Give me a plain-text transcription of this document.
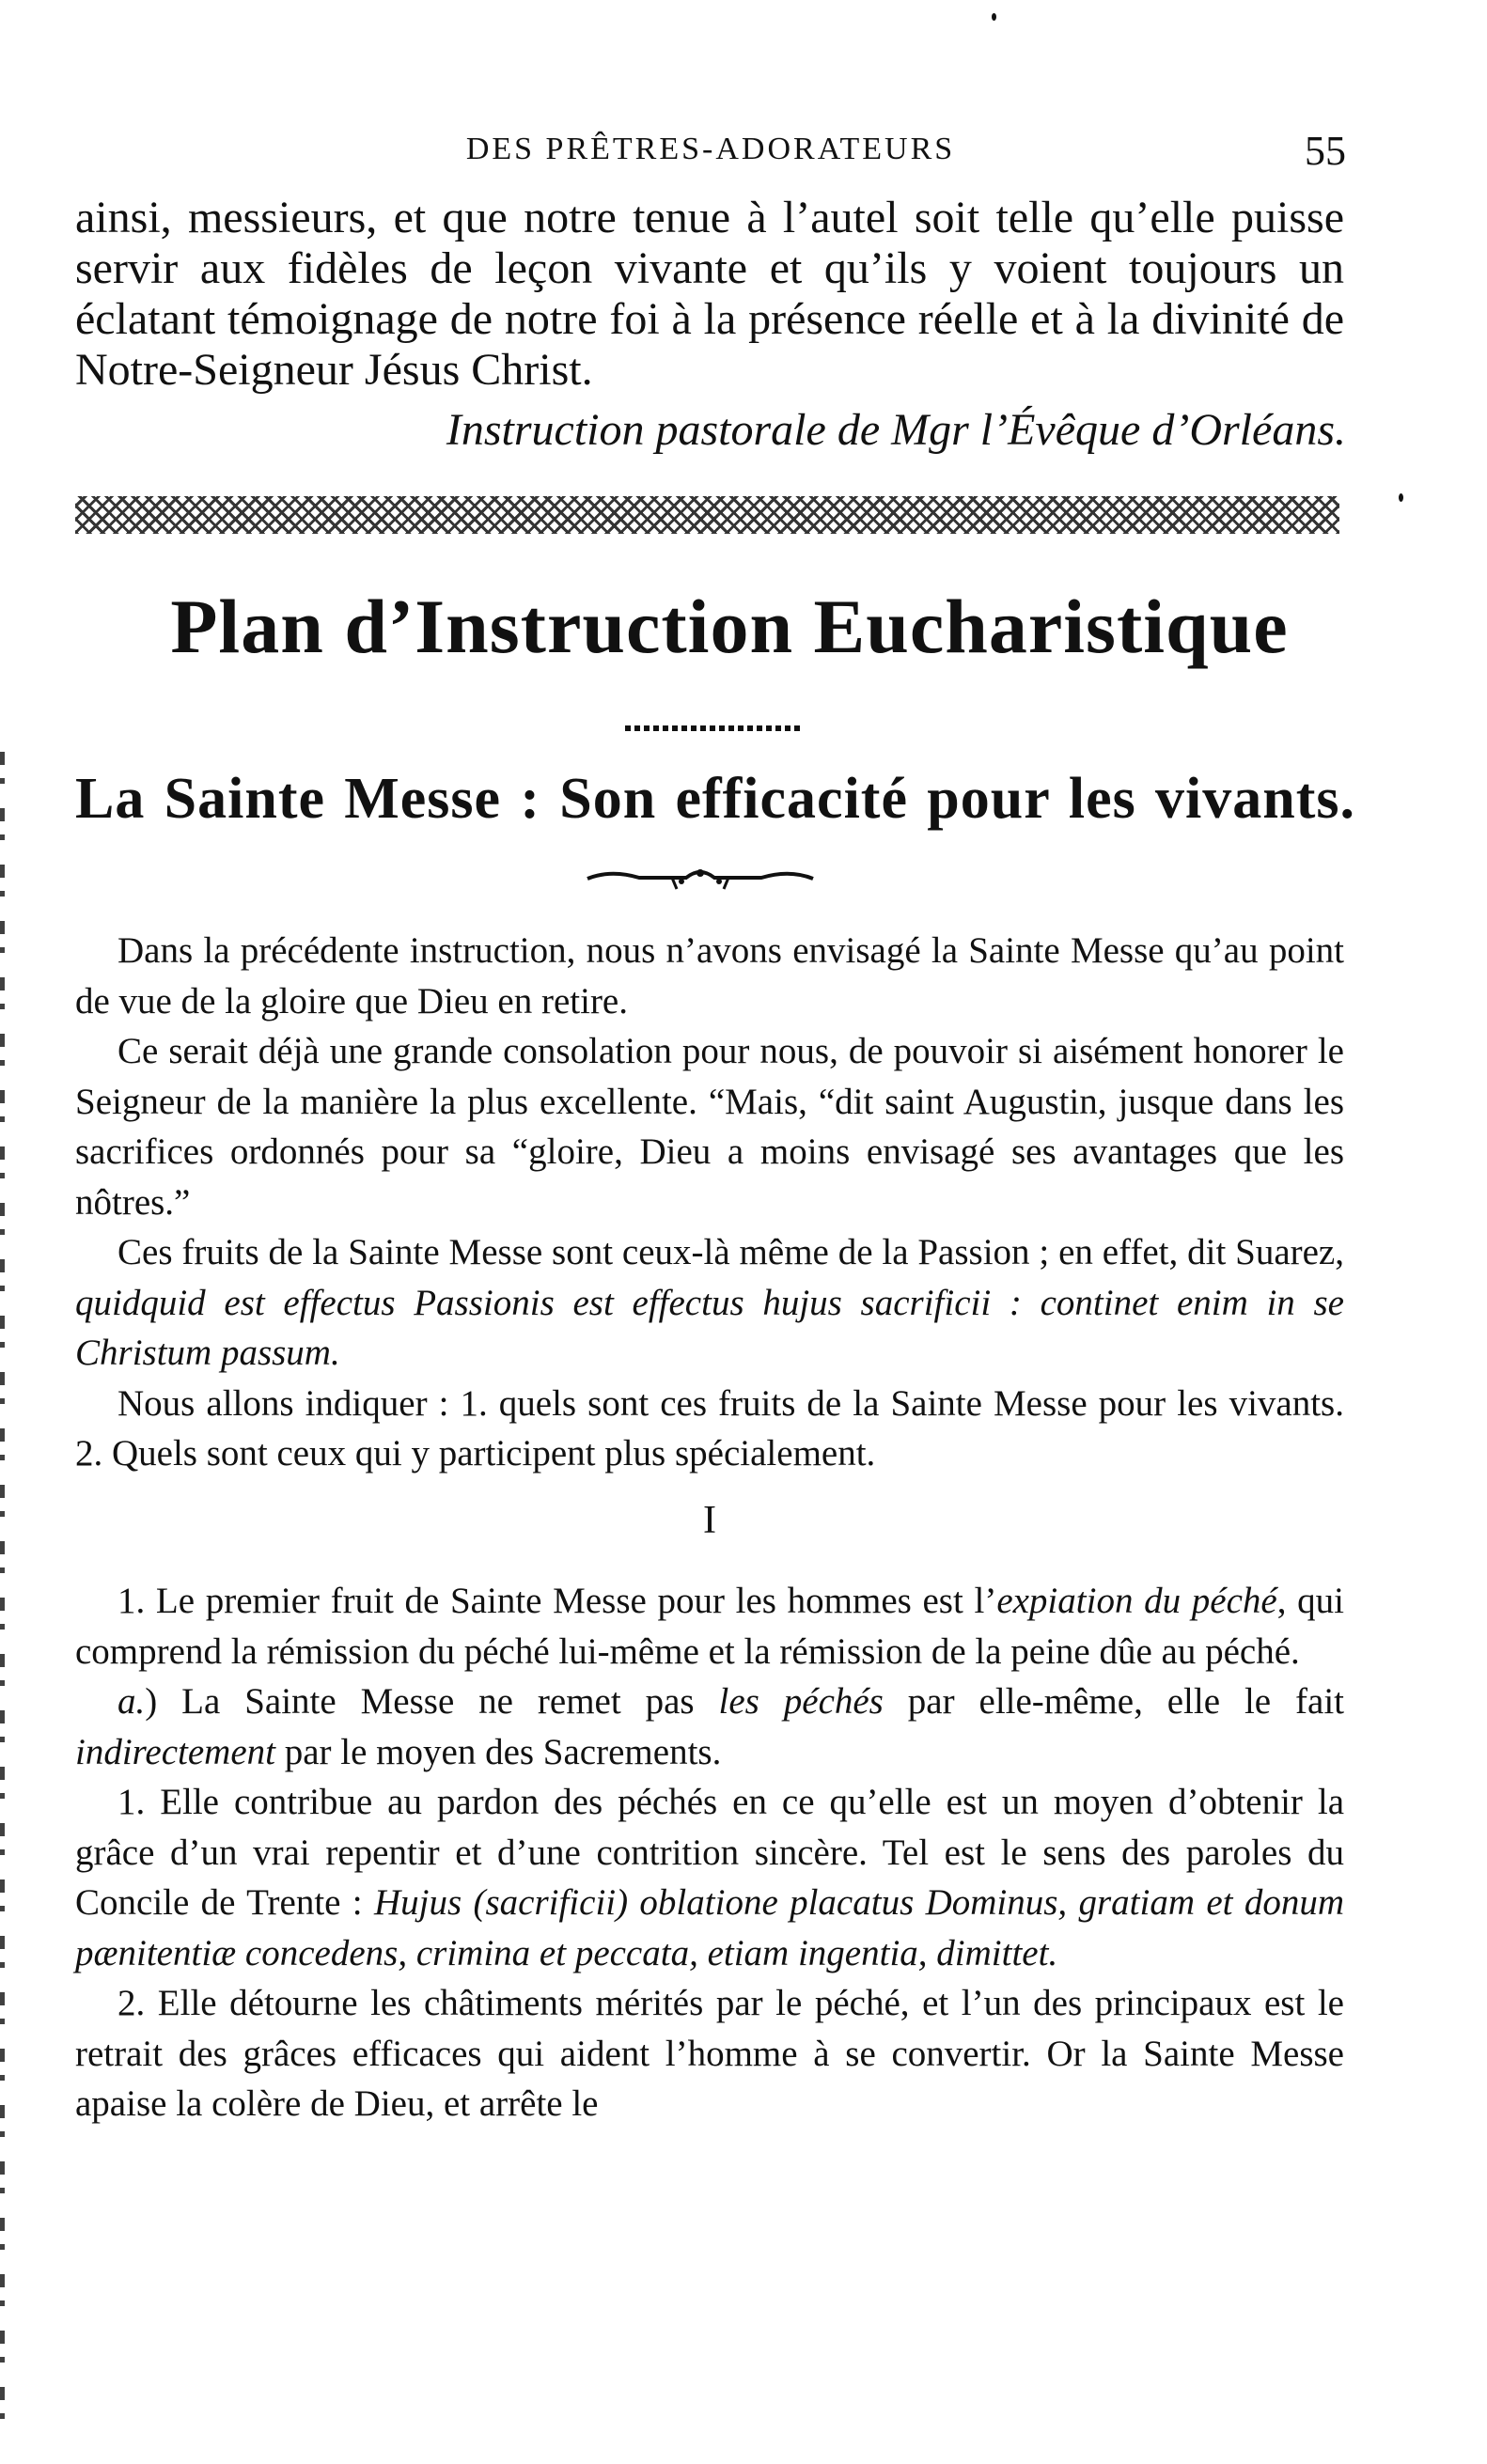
DES PRÊTRES-ADORATEURS	55

ainsi, messieurs, et que notre tenue à l’autel soit telle qu’elle puisse servir aux fidèles de leçon vivante et qu’ils y voient toujours un éclatant témoignage de notre foi à la présence réelle et à la divinité de Notre-Seigneur Jésus Christ.

Instruction pastorale de Mgr l’Évêque d’Orléans.
Plan d’Instruction Eucharistique
La Sainte Messe : Son efficacité pour les vivants.

Dans la précédente instruction, nous n’avons envisagé la Sainte Messe qu’au point de vue de la gloire que Dieu en retire.

Ce serait déjà une grande consolation pour nous, de pouvoir si aisément honorer le Seigneur de la manière la plus excellente. “Mais, “dit saint Augustin, jusque dans les sacrifices ordonnés pour sa “gloire, Dieu a moins envisagé ses avantages que les nôtres.”

Ces fruits de la Sainte Messe sont ceux-là même de la Passion ; en effet, dit Suarez, quidquid est effectus Passionis est effectus hujus sacrificii : continet enim in se Christum passum.

Nous allons indiquer : 1. quels sont ces fruits de la Sainte Messe pour les vivants. 2. Quels sont ceux qui y participent plus spécialement.

I

1. Le premier fruit de Sainte Messe pour les hommes est l’expiation du péché, qui comprend la rémission du péché lui-même et la rémission de la peine dûe au péché.

a.) La Sainte Messe ne remet pas les péchés par elle-même, elle le fait indirectement par le moyen des Sacrements.

1. Elle contribue au pardon des péchés en ce qu’elle est un moyen d’obtenir la grâce d’un vrai repentir et d’une contrition sincère. Tel est le sens des paroles du Concile de Trente : Hujus (sacrificii) oblatione placatus Dominus, gratiam et donum pænitentiæ concedens, crimina et peccata, etiam ingentia, dimittet.

2. Elle détourne les châtiments mérités par le péché, et l’un des principaux est le retrait des grâces efficaces qui aident l’homme à se convertir. Or la Sainte Messe apaise la colère de Dieu, et arrête le
